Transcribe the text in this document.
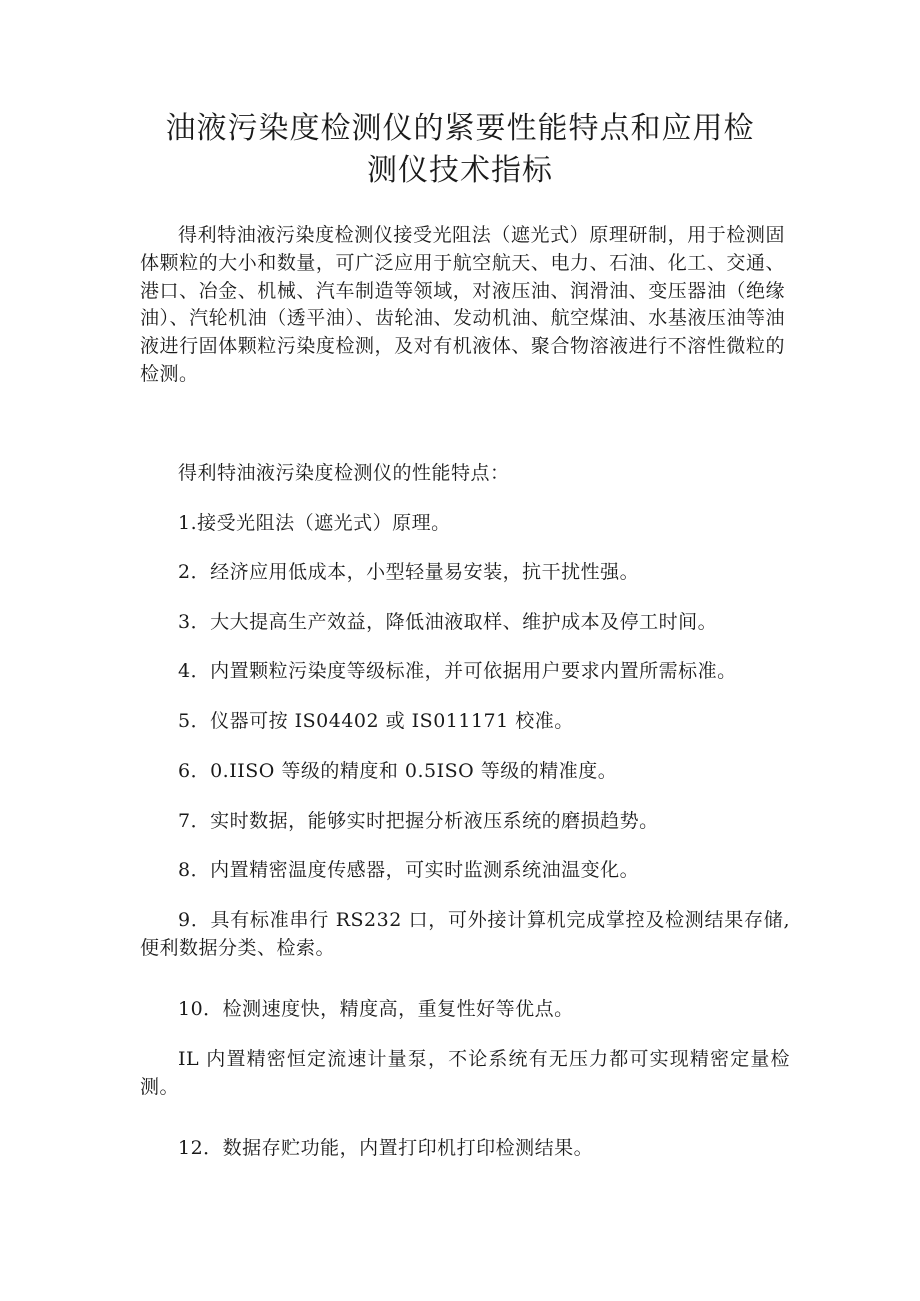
油液污染度检测仪的紧要性能特点和应用检
测仪技术指标

得利特油液污染度检测仪接受光阻法（遮光式）原理研制，用于检测固体颗粒的大小和数量，可广泛应用于航空航天、电力、石油、化工、交通、港口、冶金、机械、汽车制造等领域，对液压油、润滑油、变压器油（绝缘油）、汽轮机油（透平油）、齿轮油、发动机油、航空煤油、水基液压油等油液进行固体颗粒污染度检测，及对有机液体、聚合物溶液进行不溶性微粒的检测。

得利特油液污染度检测仪的性能特点：

1.接受光阻法（遮光式）原理。

2．经济应用低成本，小型轻量易安装，抗干扰性强。

3．大大提高生产效益，降低油液取样、维护成本及停工时间。

4．内置颗粒污染度等级标准，并可依据用户要求内置所需标准。

5．仪器可按 IS04402 或 IS011171 校准。

6．0.IISO 等级的精度和 0.5ISO 等级的精准度。

7．实时数据，能够实时把握分析液压系统的磨损趋势。

8．内置精密温度传感器，可实时监测系统油温变化。

9．具有标准串行 RS232 口，可外接计算机完成掌控及检测结果存储,便利数据分类、检索。

10．检测速度快，精度高，重复性好等优点。

IL 内置精密恒定流速计量泵，不论系统有无压力都可实现精密定量检测。

12．数据存贮功能，内置打印机打印检测结果。
